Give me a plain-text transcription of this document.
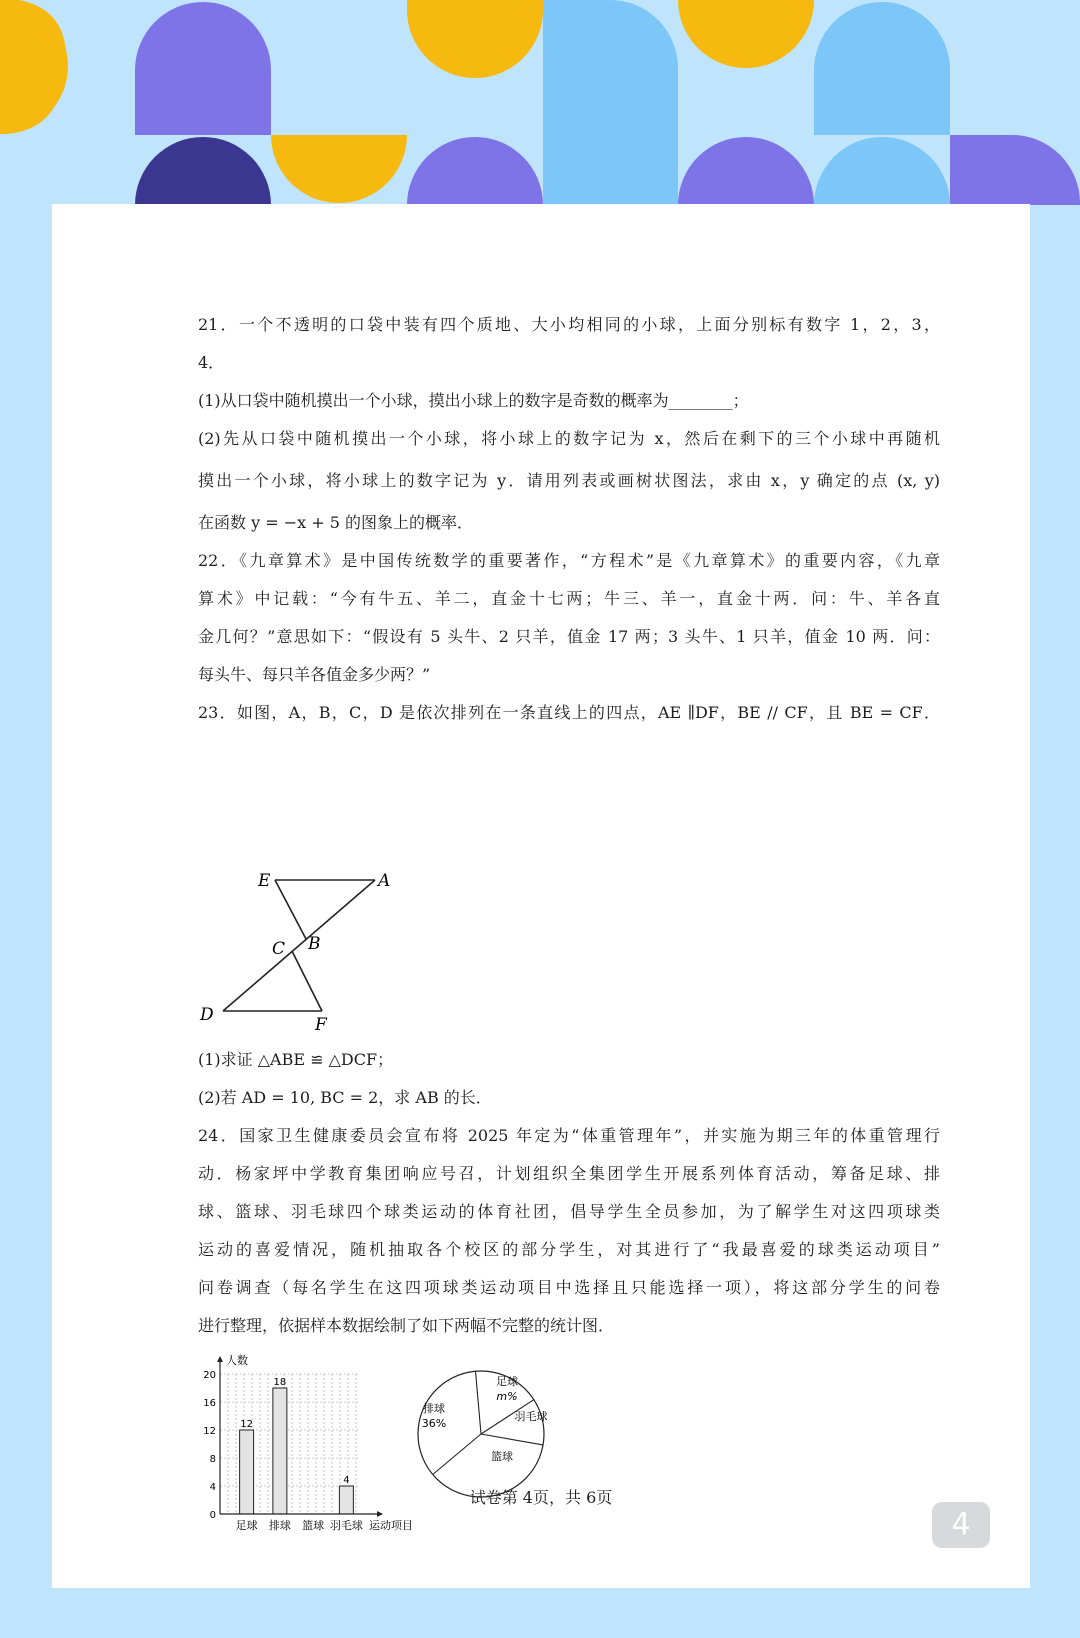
21．一个不透明的口袋中装有四个质地、大小均相同的小球，上面分别标有数字 1，2，3，
4．
(1)从口袋中随机摸出一个小球，摸出小球上的数字是奇数的概率为________；
(2)先从口袋中随机摸出一个小球，将小球上的数字记为 x，然后在剩下的三个小球中再随机
摸出一个小球，将小球上的数字记为 y．请用列表或画树状图法，求由 x，y 确定的点 (x, y)
在函数 y = −x + 5 的图象上的概率．
22．《九章算术》是中国传统数学的重要著作，“方程术”是《九章算术》的重要内容，《九章
算术》中记载：“今有牛五、羊二，直金十七两；牛三、羊一，直金十两．问：牛、羊各直
金几何？”意思如下：“假设有 5 头牛、2 只羊，值金 17 两；3 头牛、1 只羊，值金 10 两．问：
每头牛、每只羊各值金多少两？”
23．如图，A，B，C，D 是依次排列在一条直线上的四点，AE ∥DF，BE // CF，且 BE = CF．
E	A
C B
D	F
(1)求证 △ABE ≌ △DCF；
(2)若 AD = 10, BC = 2，求 AB 的长．
24．国家卫生健康委员会宣布将 2025 年定为“体重管理年”，并实施为期三年的体重管理行
动．杨家坪中学教育集团响应号召，计划组织全集团学生开展系列体育活动，筹备足球、排
球、篮球、羽毛球四个球类运动的体育社团，倡导学生全员参加，为了解学生对这四项球类
运动的喜爱情况，随机抽取各个校区的部分学生，对其进行了“我最喜爱的球类运动项目”
问卷调查（每名学生在这四项球类运动项目中选择且只能选择一项），将这部分学生的问卷
进行整理，依据样本数据绘制了如下两幅不完整的统计图．
0
4
8
12
16
20
12
足球
18
排球 篮球
4
羽毛球
人数
运动项目
足球
m%
羽毛球
篮球
排球
36%
试卷第 4页，共 6页
4
